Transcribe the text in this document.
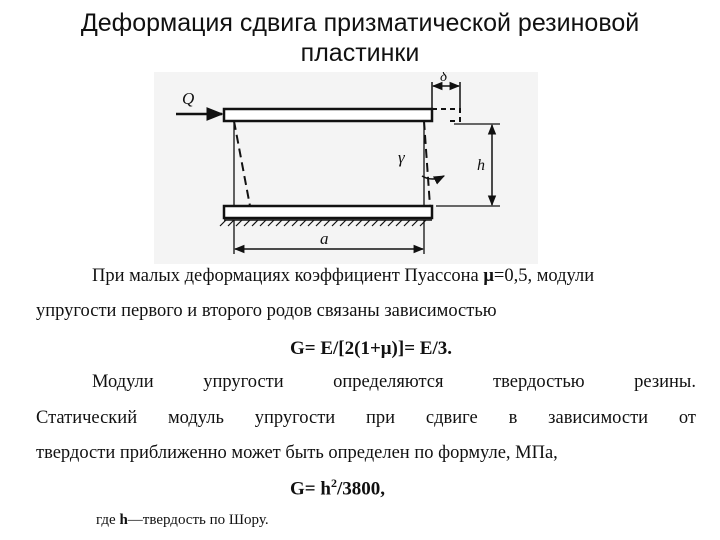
Деформация сдвига призматической резиновой
пластинки
Q
δ
γ	h
a
При малых деформациях коэффициент Пуассона μ=0,5, модули
упругости первого и второго родов связаны зависимостью
G= E/[2(1+μ)]= E/3.
Модули упругости определяются твердостью резины.
Статический модуль упругости при сдвиге в зависимости от
твердости приближенно может быть определен по формуле, МПа,
$G= h^2/3800$,
где h—твердость по Шору.
